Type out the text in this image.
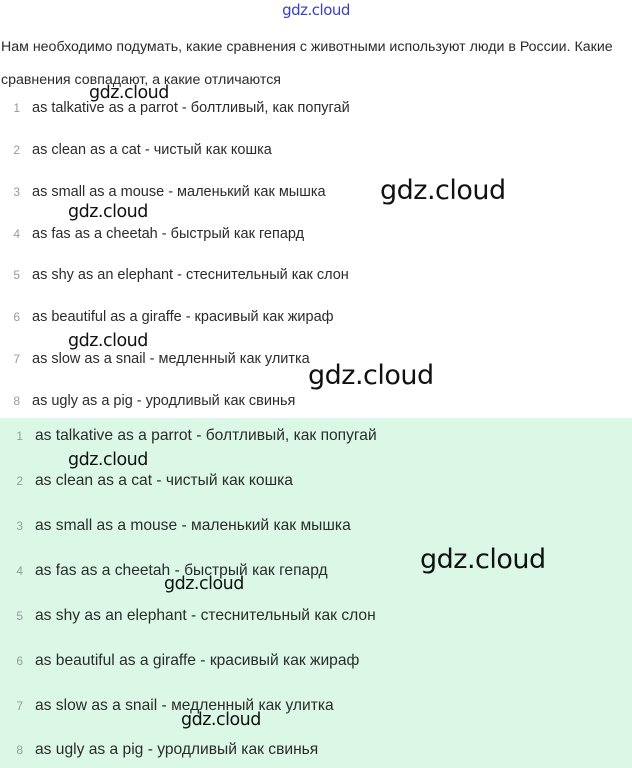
gdz.cloud
Нам необходимо подумать, какие сравнения с животными используют люди в России. Какие сравнения совпадают, а какие отличаются
1 as talkative as a parrot - болтливый, как попугай
2 as clean as a cat - чистый как кошка
3 as small as a mouse - маленький как мышка
4 as fas as a cheetah - быстрый как гепард
5 as shy as an elephant - стеснительный как слон
6 as beautiful as a giraffe - красивый как жираф
7 as slow as a snail - медленный как улитка
8 as ugly as a pig - уродливый как свинья
1 as talkative as a parrot - болтливый, как попугай
2 as clean as a cat - чистый как кошка
3 as small as a mouse - маленький как мышка
4 as fas as a cheetah - быстрый как гепард
5 as shy as an elephant - стеснительный как слон
6 as beautiful as a giraffe - красивый как жираф
7 as slow as a snail - медленный как улитка
8 as ugly as a pig - уродливый как свинья
gdz.cloud
gdz.cloud
gdz.cloud
gdz.cloud
gdz.cloud
gdz.cloud
gdz.cloud
gdz.cloud
gdz.cloud
